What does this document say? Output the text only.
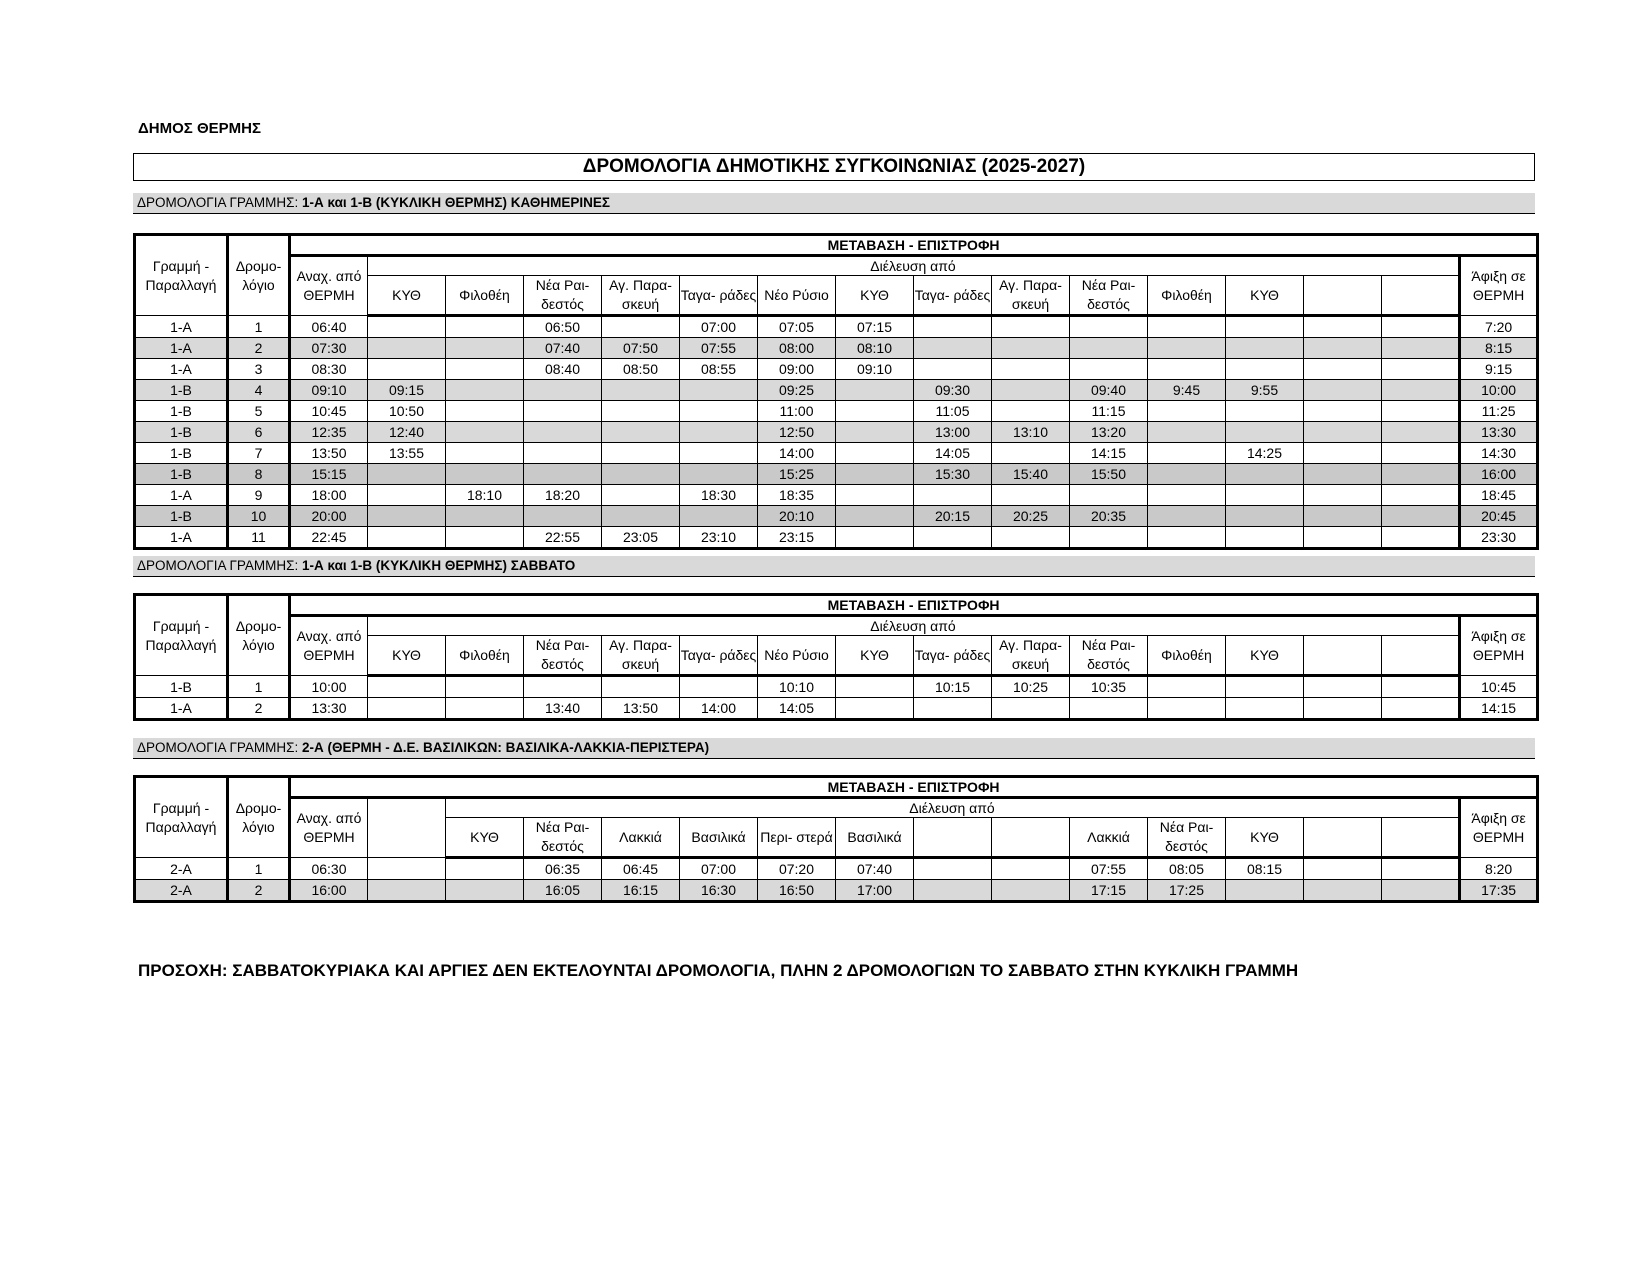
ΔΗΜΟΣ ΘΕΡΜΗΣ
ΔΡΟΜΟΛΟΓΙΑ ΔΗΜΟΤΙΚΗΣ ΣΥΓΚΟΙΝΩΝΙΑΣ (2025-2027)
ΔΡΟΜΟΛΟΓΙΑ ΓΡΑΜΜΗΣ: 1-Α και 1-Β (ΚΥΚΛΙΚΗ ΘΕΡΜΗΣ) ΚΑΘΗΜΕΡΙΝΕΣ
Γραμμή - Παραλλαγή	Δρομο- λόγιο	ΜΕΤΑΒΑΣΗ - ΕΠΙΣΤΡΟΦΗ															
		Αναχ. από ΘΕΡΜΗ	Διέλευση από														Άφιξη σε ΘΕΡΜΗ
			ΚΥΘ	Φιλοθέη	Νέα Ραι- δεστός	Αγ. Παρα- σκευή	Ταγα- ράδες	Νέο Ρύσιο	ΚΥΘ	Ταγα- ράδες	Αγ. Παρα- σκευή	Νέα Ραι- δεστός	Φιλοθέη	ΚΥΘ			
1-Α	1	06:40			06:50		07:00	07:05	07:15								7:20
1-Α	2	07:30			07:40	07:50	07:55	08:00	08:10								8:15
1-Α	3	08:30			08:40	08:50	08:55	09:00	09:10								9:15
1-Β	4	09:10	09:15					09:25		09:30		09:40	9:45	9:55			10:00
1-Β	5	10:45	10:50					11:00		11:05		11:15					11:25
1-Β	6	12:35	12:40					12:50		13:00	13:10	13:20					13:30
1-Β	7	13:50	13:55					14:00		14:05		14:15		14:25			14:30
1-Β	8	15:15						15:25		15:30	15:40	15:50					16:00
1-Α	9	18:00		18:10	18:20		18:30	18:35									18:45
1-Β	10	20:00						20:10		20:15	20:25	20:35					20:45
1-Α	11	22:45			22:55	23:05	23:10	23:15									23:30
ΔΡΟΜΟΛΟΓΙΑ ΓΡΑΜΜΗΣ: 1-Α και 1-Β (ΚΥΚΛΙΚΗ ΘΕΡΜΗΣ) ΣΑΒΒΑΤΟ
Γραμμή - Παραλλαγή	Δρομο- λόγιο	ΜΕΤΑΒΑΣΗ - ΕΠΙΣΤΡΟΦΗ															
		Αναχ. από ΘΕΡΜΗ	Διέλευση από														Άφιξη σε ΘΕΡΜΗ
			ΚΥΘ	Φιλοθέη	Νέα Ραι- δεστός	Αγ. Παρα- σκευή	Ταγα- ράδες	Νέο Ρύσιο	ΚΥΘ	Ταγα- ράδες	Αγ. Παρα- σκευή	Νέα Ραι- δεστός	Φιλοθέη	ΚΥΘ			
1-Β	1	10:00						10:10		10:15	10:25	10:35					10:45
1-Α	2	13:30			13:40	13:50	14:00	14:05									14:15
ΔΡΟΜΟΛΟΓΙΑ ΓΡΑΜΜΗΣ: 2-Α (ΘΕΡΜΗ - Δ.Ε. ΒΑΣΙΛΙΚΩΝ: ΒΑΣΙΛΙΚΑ-ΛΑΚΚΙΑ-ΠΕΡΙΣΤΕΡΑ)
Γραμμή - Παραλλαγή	Δρομο- λόγιο	ΜΕΤΑΒΑΣΗ - ΕΠΙΣΤΡΟΦΗ															
		Αναχ. από ΘΕΡΜΗ		Διέλευση από													Άφιξη σε ΘΕΡΜΗ
				ΚΥΘ	Νέα Ραι- δεστός	Λακκιά	Βασιλικά	Περι- στερά	Βασιλικά			Λακκιά	Νέα Ραι- δεστός	ΚΥΘ			
2-Α	1	06:30			06:35	06:45	07:00	07:20	07:40			07:55	08:05	08:15			8:20
2-Α	2	16:00			16:05	16:15	16:30	16:50	17:00			17:15	17:25				17:35
ΠΡΟΣΟΧΗ: ΣΑΒΒΑΤΟΚΥΡΙΑΚΑ ΚΑΙ ΑΡΓΙΕΣ ΔΕΝ ΕΚΤΕΛΟΥΝΤΑΙ ΔΡΟΜΟΛΟΓΙΑ, ΠΛΗΝ 2 ΔΡΟΜΟΛΟΓΙΩΝ ΤΟ ΣΑΒΒΑΤΟ ΣΤΗΝ ΚΥΚΛΙΚΗ ΓΡΑΜΜΗ
